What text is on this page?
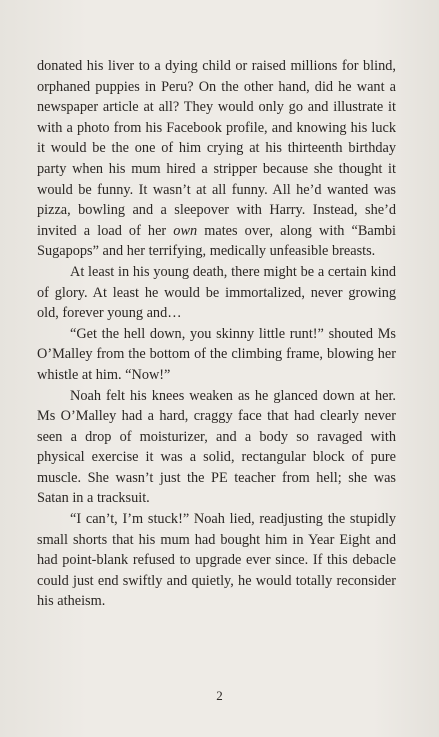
donated his liver to a dying child or raised millions for blind, orphaned puppies in Peru? On the other hand, did he want a newspaper article at all? They would only go and illustrate it with a photo from his Facebook profile, and knowing his luck it would be the one of him crying at his thirteenth birthday party when his mum hired a stripper because she thought it would be funny. It wasn’t at all funny. All he’d wanted was pizza, bowling and a sleepover with Harry. Instead, she’d invited a load of her own mates over, along with “Bambi Sugapops” and her terrifying, medically unfeasible breasts.

At least in his young death, there might be a certain kind of glory. At least he would be immortalized, never growing old, forever young and…

“Get the hell down, you skinny little runt!” shouted Ms O’Malley from the bottom of the climbing frame, blowing her whistle at him. “Now!”

Noah felt his knees weaken as he glanced down at her. Ms O’Malley had a hard, craggy face that had clearly never seen a drop of moisturizer, and a body so ravaged with physical exercise it was a solid, rectangular block of pure muscle. She wasn’t just the PE teacher from hell; she was Satan in a tracksuit.

“I can’t, I’m stuck!” Noah lied, readjusting the stupidly small shorts that his mum had bought him in Year Eight and had point-blank refused to upgrade ever since. If this debacle could just end swiftly and quietly, he would totally reconsider his atheism.

2
